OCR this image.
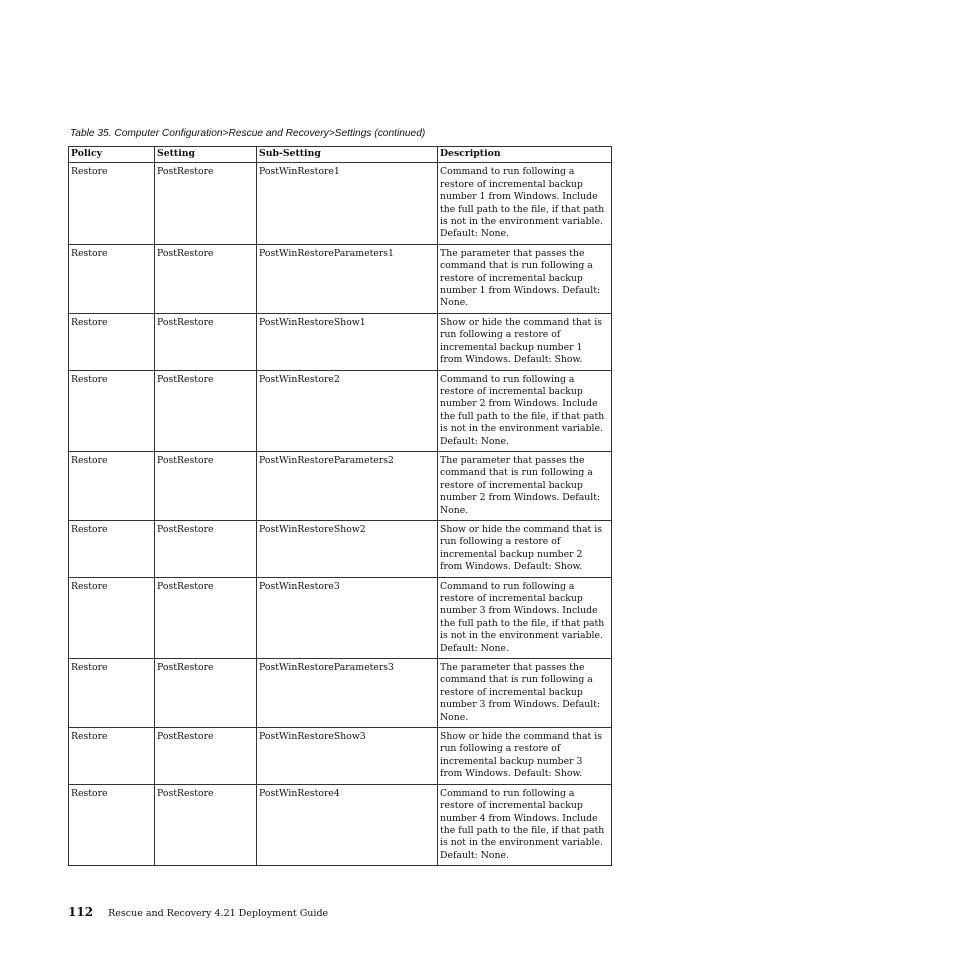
Table 35. Computer Configuration>Rescue and Recovery>Settings (continued)
Policy	Setting	Sub-Setting	Description
Restore	PostRestore	PostWinRestore1	Command to run following a restore of incremental backup number 1 from Windows. Include the full path to the file, if that path is not in the environment variable. Default: None.
Restore	PostRestore	PostWinRestoreParameters1	The parameter that passes the command that is run following a restore of incremental backup number 1 from Windows. Default: None.
Restore	PostRestore	PostWinRestoreShow1	Show or hide the command that is run following a restore of incremental backup number 1 from Windows. Default: Show.
Restore	PostRestore	PostWinRestore2	Command to run following a restore of incremental backup number 2 from Windows. Include the full path to the file, if that path is not in the environment variable. Default: None.
Restore	PostRestore	PostWinRestoreParameters2	The parameter that passes the command that is run following a restore of incremental backup number 2 from Windows. Default: None.
Restore	PostRestore	PostWinRestoreShow2	Show or hide the command that is run following a restore of incremental backup number 2 from Windows. Default: Show.
Restore	PostRestore	PostWinRestore3	Command to run following a restore of incremental backup number 3 from Windows. Include the full path to the file, if that path is not in the environment variable. Default: None.
Restore	PostRestore	PostWinRestoreParameters3	The parameter that passes the command that is run following a restore of incremental backup number 3 from Windows. Default: None.
Restore	PostRestore	PostWinRestoreShow3	Show or hide the command that is run following a restore of incremental backup number 3 from Windows. Default: Show.
Restore	PostRestore	PostWinRestore4	Command to run following a restore of incremental backup number 4 from Windows. Include the full path to the file, if that path is not in the environment variable. Default: None.
112 Rescue and Recovery 4.21 Deployment Guide
